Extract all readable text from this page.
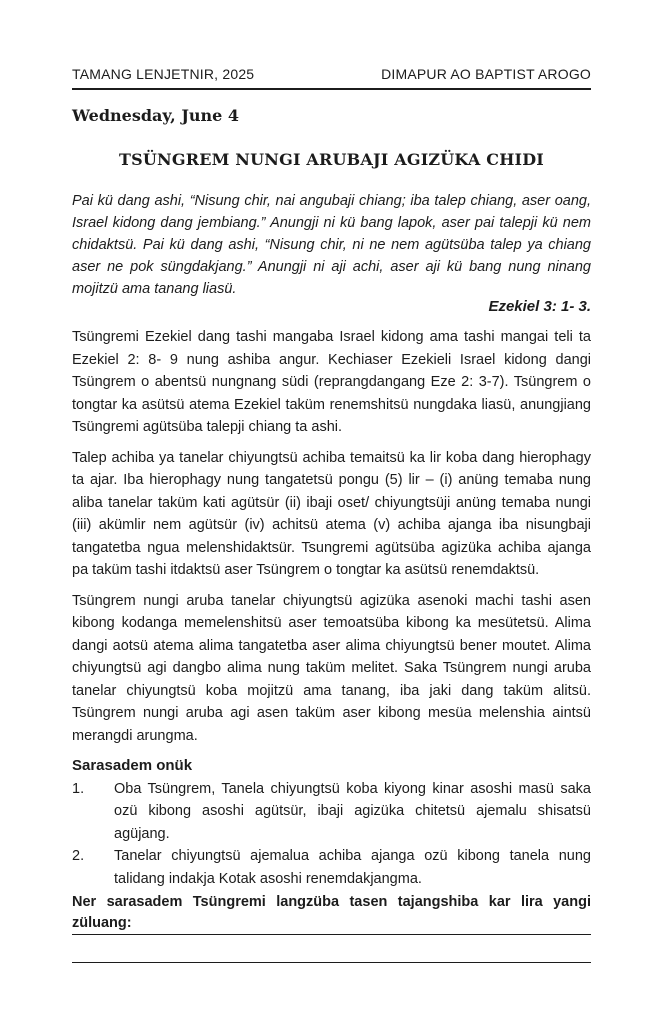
TAMANG LENJETNIR, 2025	DIMAPUR AO BAPTIST AROGO
Wednesday, June 4
TSÜNGREM NUNGI ARUBAJI AGIZÜKA CHIDI
Pai kü dang ashi, “Nisung chir, nai angubaji chiang; iba talep chiang, aser oang, Israel kidong dang jembiang.” Anungji ni kü bang lapok, aser pai talepji kü nem chidaktsü. Pai kü dang ashi, “Nisung chir, ni ne nem agütsüba talep ya chiang aser ne pok süngdakjang.” Anungji ni aji achi, aser aji kü bang nung ninang mojitzü ama tanang liasü.
Ezekiel 3: 1- 3.

Tsüngremi Ezekiel dang tashi mangaba Israel kidong ama tashi mangai teli ta Ezekiel 2: 8- 9 nung ashiba angur. Kechiaser Ezekieli Israel kidong dangi Tsüngrem o abentsü nungnang südi (reprangdangang Eze 2: 3-7). Tsüngrem o tongtar ka asütsü atema Ezekiel taküm renemshitsü nungdaka liasü, anungjiang Tsüngremi agütsüba talepji chiang ta ashi.

Talep achiba ya tanelar chiyungtsü achiba temaitsü ka lir koba dang hierophagy ta ajar. Iba hierophagy nung tangatetsü pongu (5) lir – (i) anüng temaba nung aliba tanelar taküm kati agütsür (ii) ibaji oset/ chiyungtsüji anüng temaba nungi (iii) akümlir nem agütsür (iv) achitsü atema (v) achiba ajanga iba nisungbaji tangatetba ngua melenshidaktsür. Tsungremi agütsüba agizüka achiba ajanga pa taküm tashi itdaktsü aser Tsüngrem o tongtar ka asütsü renemdaktsü.

Tsüngrem nungi aruba tanelar chiyungtsü agizüka asenoki machi tashi asen kibong kodanga memelenshitsü aser temoatsüba kibong ka mesütetsü. Alima dangi aotsü atema alima tangatetba aser alima chiyungtsü bener moutet. Alima chiyungtsü agi dangbo alima nung taküm melitet. Saka Tsüngrem nungi aruba tanelar chiyungtsü koba mojitzü ama tanang, iba jaki dang taküm alitsü. Tsüngrem nungi aruba agi asen taküm aser kibong mesüa melenshia aintsü merangdi arungma.

Sarasadem onük
1.	Oba Tsüngrem, Tanela chiyungtsü koba kiyong kinar asoshi masü saka ozü kibong asoshi agütsür, ibaji agizüka chitetsü ajemalu shisatsü agüjang.
2.	Tanelar chiyungtsü ajemalua achiba ajanga ozü kibong tanela nung talidang indakja Kotak asoshi renemdakjangma.
Ner sarasadem Tsüngremi langzüba tasen tajangshiba kar lira yangi züluang:
